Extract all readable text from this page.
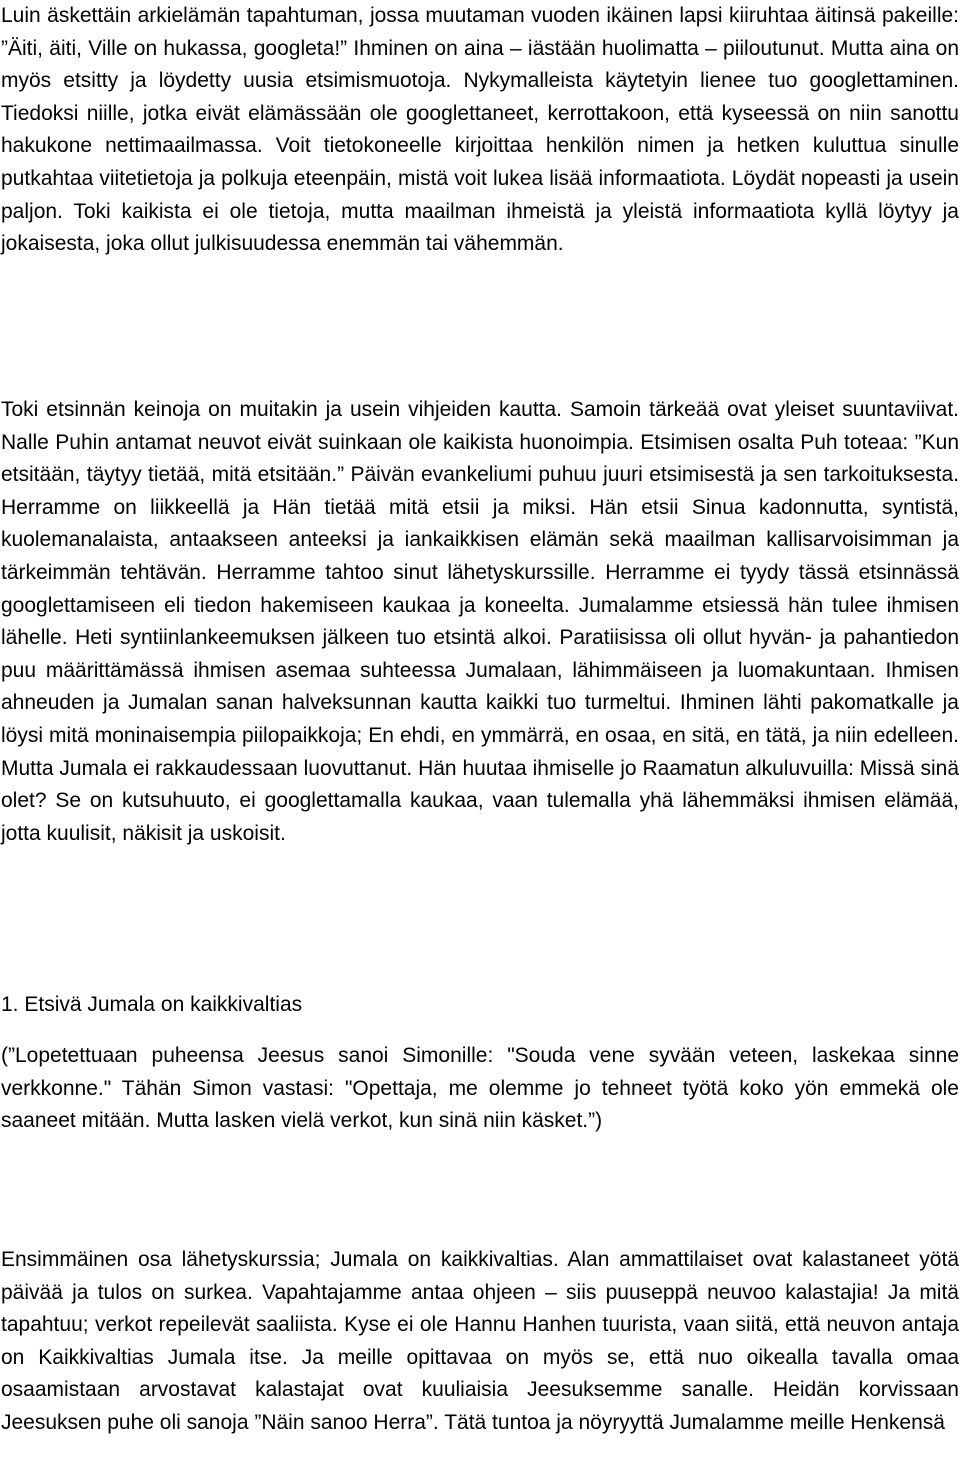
Luin äskettäin arkielämän tapahtuman, jossa muutaman vuoden ikäinen lapsi kiiruhtaa äitinsä pakeille: ”Äiti, äiti, Ville on hukassa, googleta!” Ihminen on aina – iästään huolimatta – piiloutunut. Mutta aina on myös etsitty ja löydetty uusia etsimismuotoja. Nykymalleista käytetyin lienee tuo googlettaminen. Tiedoksi niille, jotka eivät elämässään ole googlettaneet, kerrottakoon, että kyseessä on niin sanottu hakukone nettimaailmassa. Voit tietokoneelle kirjoittaa henkilön nimen ja hetken kuluttua sinulle putkahtaa viitetietoja ja polkuja eteenpäin, mistä voit lukea lisää informaatiota. Löydät nopeasti ja usein paljon. Toki kaikista ei ole tietoja, mutta maailman ihmeistä ja yleistä informaatiota kyllä löytyy ja jokaisesta, joka ollut julkisuudessa enemmän tai vähemmän.

Toki etsinnän keinoja on muitakin ja usein vihjeiden kautta. Samoin tärkeää ovat yleiset suuntaviivat. Nalle Puhin antamat neuvot eivät suinkaan ole kaikista huonoimpia. Etsimisen osalta Puh toteaa: ”Kun etsitään, täytyy tietää, mitä etsitään.” Päivän evankeliumi puhuu juuri etsimisestä ja sen tarkoituksesta. Herramme on liikkeellä ja Hän tietää mitä etsii ja miksi. Hän etsii Sinua kadonnutta, syntistä, kuolemanalaista, antaakseen anteeksi ja iankaikkisen elämän sekä maailman kallisarvoisimman ja tärkeimmän tehtävän. Herramme tahtoo sinut lähetyskurssille. Herramme ei tyydy tässä etsinnässä googlettamiseen eli tiedon hakemiseen kaukaa ja koneelta. Jumalamme etsiessä hän tulee ihmisen lähelle. Heti syntiinlankeemuksen jälkeen tuo etsintä alkoi. Paratiisissa oli ollut hyvän- ja pahantiedon puu määrittämässä ihmisen asemaa suhteessa Jumalaan, lähimmäiseen ja luomakuntaan. Ihmisen ahneuden ja Jumalan sanan halveksunnan kautta kaikki tuo turmeltui. Ihminen lähti pakomatkalle ja löysi mitä moninaisempia piilopaikkoja; En ehdi, en ymmärrä, en osaa, en sitä, en tätä, ja niin edelleen. Mutta Jumala ei rakkaudessaan luovuttanut. Hän huutaa ihmiselle jo Raamatun alkuluvuilla: Missä sinä olet? Se on kutsuhuuto, ei googlettamalla kaukaa, vaan tulemalla yhä lähemmäksi ihmisen elämää, jotta kuulisit, näkisit ja uskoisit.

1. Etsivä Jumala on kaikkivaltias

(”Lopetettuaan puheensa Jeesus sanoi Simonille: "Souda vene syvään veteen, laskekaa sinne verkkonne." Tähän Simon vastasi: "Opettaja, me olemme jo tehneet työtä koko yön emmekä ole saaneet mitään. Mutta lasken vielä verkot, kun sinä niin käsket.”)

Ensimmäinen osa lähetyskurssia; Jumala on kaikkivaltias. Alan ammattilaiset ovat kalastaneet yötä päivää ja tulos on surkea. Vapahtajamme antaa ohjeen – siis puuseppä neuvoo kalastajia! Ja mitä tapahtuu; verkot repeilevät saaliista. Kyse ei ole Hannu Hanhen tuurista, vaan siitä, että neuvon antaja on Kaikkivaltias Jumala itse. Ja meille opittavaa on myös se, että nuo oikealla tavalla omaa osaamistaan arvostavat kalastajat ovat kuuliaisia Jeesuksemme sanalle. Heidän korvissaan Jeesuksen puhe oli sanoja ”Näin sanoo Herra”. Tätä tuntoa ja nöyryyttä Jumalamme meille Henkensä
